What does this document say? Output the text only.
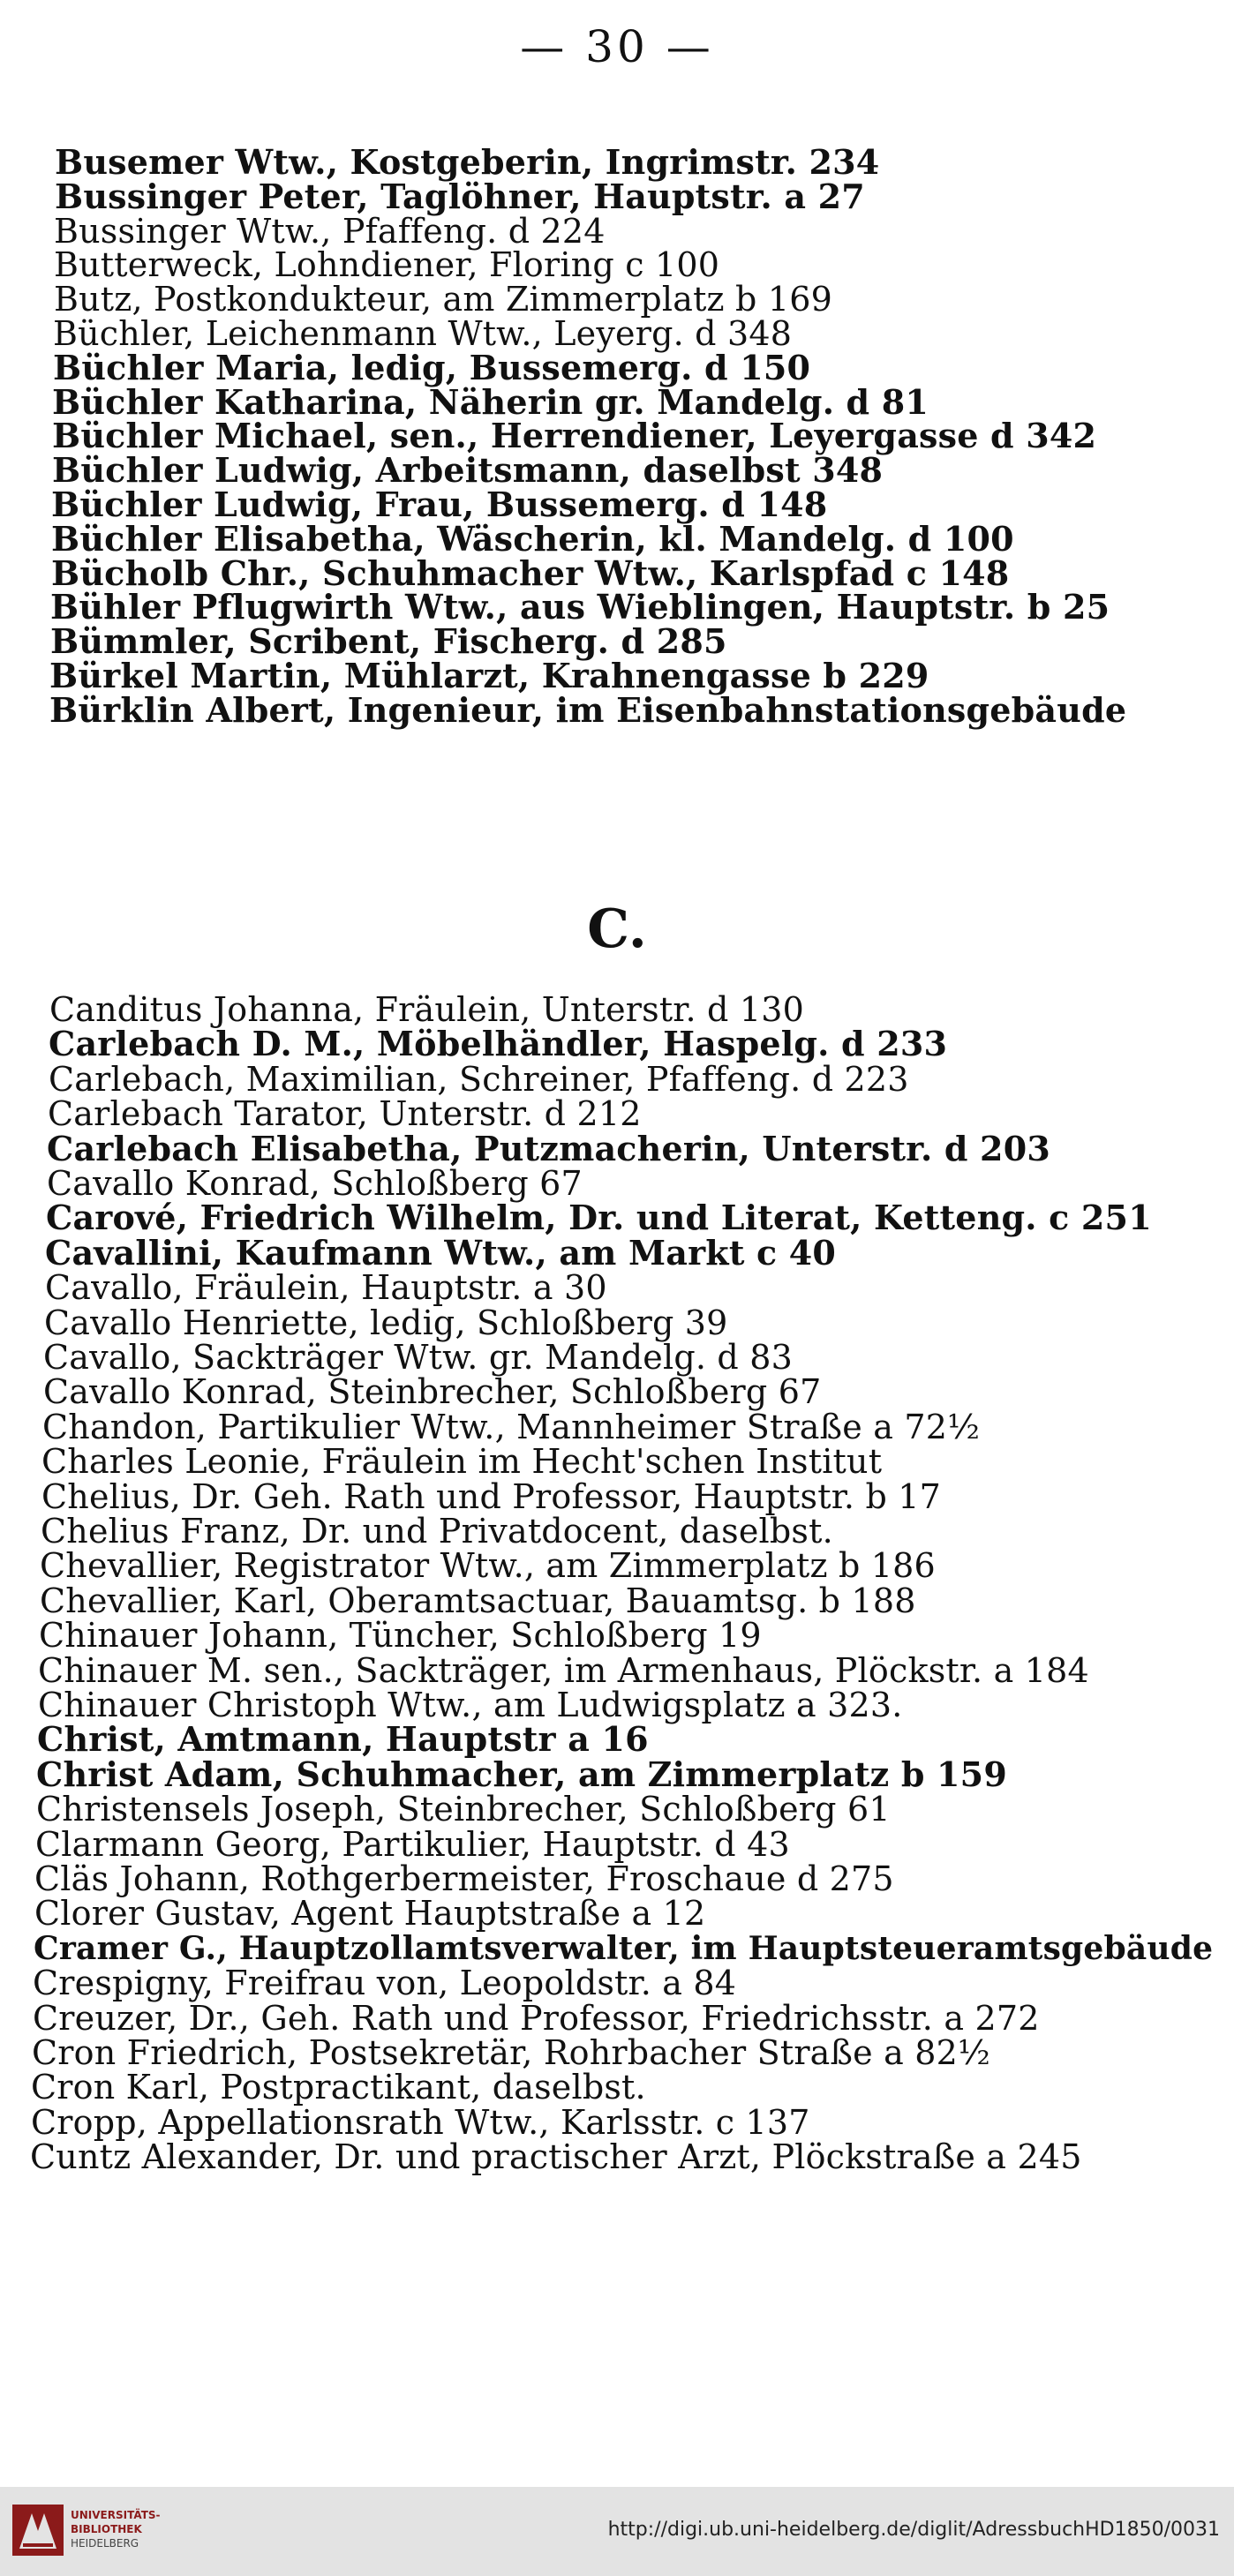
— 30 —
Busemer Wtw., Kostgeberin, Ingrimstr. 234
Bussinger Peter, Taglöhner, Hauptstr. a 27
Bussinger Wtw., Pfaffeng. d 224
Butterweck, Lohndiener, Floring c 100
Butz, Postkondukteur, am Zimmerplatz b 169
Büchler, Leichenmann Wtw., Leyerg. d 348
Büchler Maria, ledig, Bussemerg. d 150
Büchler Katharina, Näherin gr. Mandelg. d 81
Büchler Michael, sen., Herrendiener, Leyergasse d 342
Büchler Ludwig, Arbeitsmann, daselbst 348
Büchler Ludwig, Frau, Bussemerg. d 148
Büchler Elisabetha, Wäscherin, kl. Mandelg. d 100
Bücholb Chr., Schuhmacher Wtw., Karlspfad c 148
Bühler Pflugwirth Wtw., aus Wieblingen, Hauptstr. b 25
Bümmler, Scribent, Fischerg. d 285
Bürkel Martin, Mühlarzt, Krahnengasse b 229
Bürklin Albert, Ingenieur, im Eisenbahnstationsgebäude
C.
Canditus Johanna, Fräulein, Unterstr. d 130
Carlebach D. M., Möbelhändler, Haspelg. d 233
Carlebach, Maximilian, Schreiner, Pfaffeng. d 223
Carlebach Tarator, Unterstr. d 212
Carlebach Elisabetha, Putzmacherin, Unterstr. d 203
Cavallo Konrad, Schloßberg 67
Carové, Friedrich Wilhelm, Dr. und Literat, Ketteng. c 251
Cavallini, Kaufmann Wtw., am Markt c 40
Cavallo, Fräulein, Hauptstr. a 30
Cavallo Henriette, ledig, Schloßberg 39
Cavallo, Sackträger Wtw. gr. Mandelg. d 83
Cavallo Konrad, Steinbrecher, Schloßberg 67
Chandon, Partikulier Wtw., Mannheimer Straße a 72½
Charles Leonie, Fräulein im Hecht'schen Institut
Chelius, Dr. Geh. Rath und Professor, Hauptstr. b 17
Chelius Franz, Dr. und Privatdocent, daselbst.
Chevallier, Registrator Wtw., am Zimmerplatz b 186
Chevallier, Karl, Oberamtsactuar, Bauamtsg. b 188
Chinauer Johann, Tüncher, Schloßberg 19
Chinauer M. sen., Sackträger, im Armenhaus, Plöckstr. a 184
Chinauer Christoph Wtw., am Ludwigsplatz a 323.
Christ, Amtmann, Hauptstr a 16
Christ Adam, Schuhmacher, am Zimmerplatz b 159
Christensels Joseph, Steinbrecher, Schloßberg 61
Clarmann Georg, Partikulier, Hauptstr. d 43
Cläs Johann, Rothgerbermeister, Froschaue d 275
Clorer Gustav, Agent Hauptstraße a 12
Cramer G., Hauptzollamtsverwalter, im Hauptsteueramtsgebäude
Crespigny, Freifrau von, Leopoldstr. a 84
Creuzer, Dr., Geh. Rath und Professor, Friedrichsstr. a 272
Cron Friedrich, Postsekretär, Rohrbacher Straße a 82½
Cron Karl, Postpractikant, daselbst.
Cropp, Appellationsrath Wtw., Karlsstr. c 137
Cuntz Alexander, Dr. und practischer Arzt, Plöckstraße a 245
UNIVERSITÄTS-
BIBLIOTHEK
HEIDELBERG
http://digi.ub.uni-heidelberg.de/diglit/AdressbuchHD1850/0031
